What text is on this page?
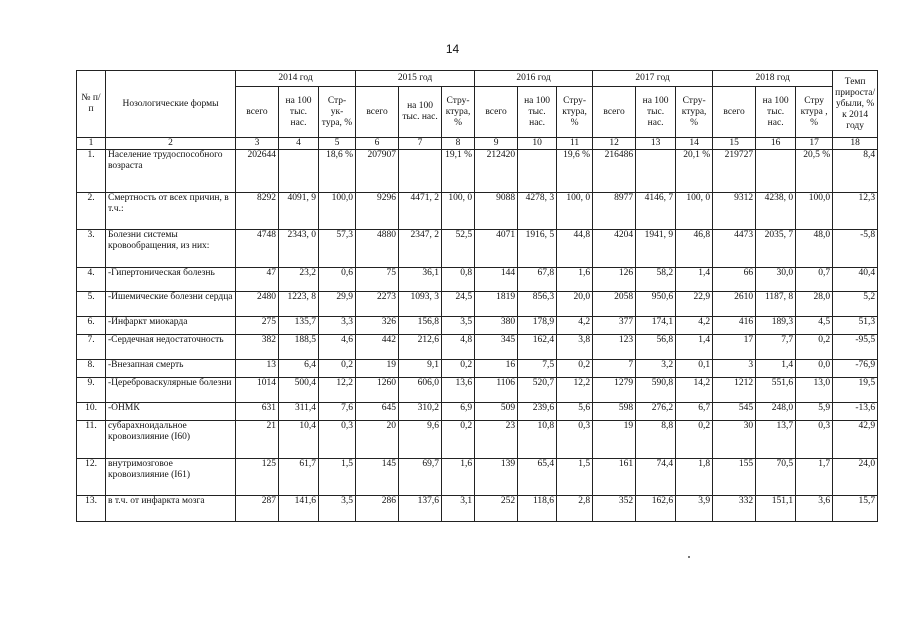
14
№ п/п	Нозологические формы	2014 год			2015 год			2016 год			2017 год			2018 год			Темп прироста/ убыли, % к 2014 году
		всего	на 100 тыс. нас.	Стр- ук- тура, %	всего	на 100 тыс. нас.	Стру- ктура, %	всего	на 100 тыс. нас.	Стру- ктура, %	всего	на 100 тыс. нас.	Стру- ктура, %	всего	на 100 тыс. нас.	Стру ктура , %	
1	2	3	4	5	6	7	8	9	10	11	12	13	14	15	16	17	18
1.	Население трудоспособного возраста	202644		18,6 %	207907		19,1 %	212420		19,6 %	216486		20,1 %	219727		20,5 %	8,4
2.	Смертность от всех причин, в т.ч.:	8292	4091, 9	100,0	9296	4471, 2	100, 0	9088	4278, 3	100, 0	8977	4146, 7	100, 0	9312	4238, 0	100,0	12,3
3.	Болезни системы кровообращения, из них:	4748	2343, 0	57,3	4880	2347, 2	52,5	4071	1916, 5	44,8	4204	1941, 9	46,8	4473	2035, 7	48,0	-5,8
4.	-Гипертоническая болезнь	47	23,2	0,6	75	36,1	0,8	144	67,8	1,6	126	58,2	1,4	66	30,0	0,7	40,4
5.	-Ишемические болезни сердца	2480	1223, 8	29,9	2273	1093, 3	24,5	1819	856,3	20,0	2058	950,6	22,9	2610	1187, 8	28,0	5,2
6.	-Инфаркт миокарда	275	135,7	3,3	326	156,8	3,5	380	178,9	4,2	377	174,1	4,2	416	189,3	4,5	51,3
7.	-Сердечная недостаточность	382	188,5	4,6	442	212,6	4,8	345	162,4	3,8	123	56,8	1,4	17	7,7	0,2	-95,5
8.	-Внезапная смерть	13	6,4	0,2	19	9,1	0,2	16	7,5	0,2	7	3,2	0,1	3	1,4	0,0	-76,9
9.	-Цереброваскулярные болезни	1014	500,4	12,2	1260	606,0	13,6	1106	520,7	12,2	1279	590,8	14,2	1212	551,6	13,0	19,5
10.	-ОНМК	631	311,4	7,6	645	310,2	6,9	509	239,6	5,6	598	276,2	6,7	545	248,0	5,9	-13,6
11.	субарахноидальное кровоизлияние (I60)	21	10,4	0,3	20	9,6	0,2	23	10,8	0,3	19	8,8	0,2	30	13,7	0,3	42,9
12.	внутримозговое кровоизлияние (I61)	125	61,7	1,5	145	69,7	1,6	139	65,4	1,5	161	74,4	1,8	155	70,5	1,7	24,0
13.	в т.ч. от инфаркта мозга	287	141,6	3,5	286	137,6	3,1	252	118,6	2,8	352	162,6	3,9	332	151,1	3,6	15,7
